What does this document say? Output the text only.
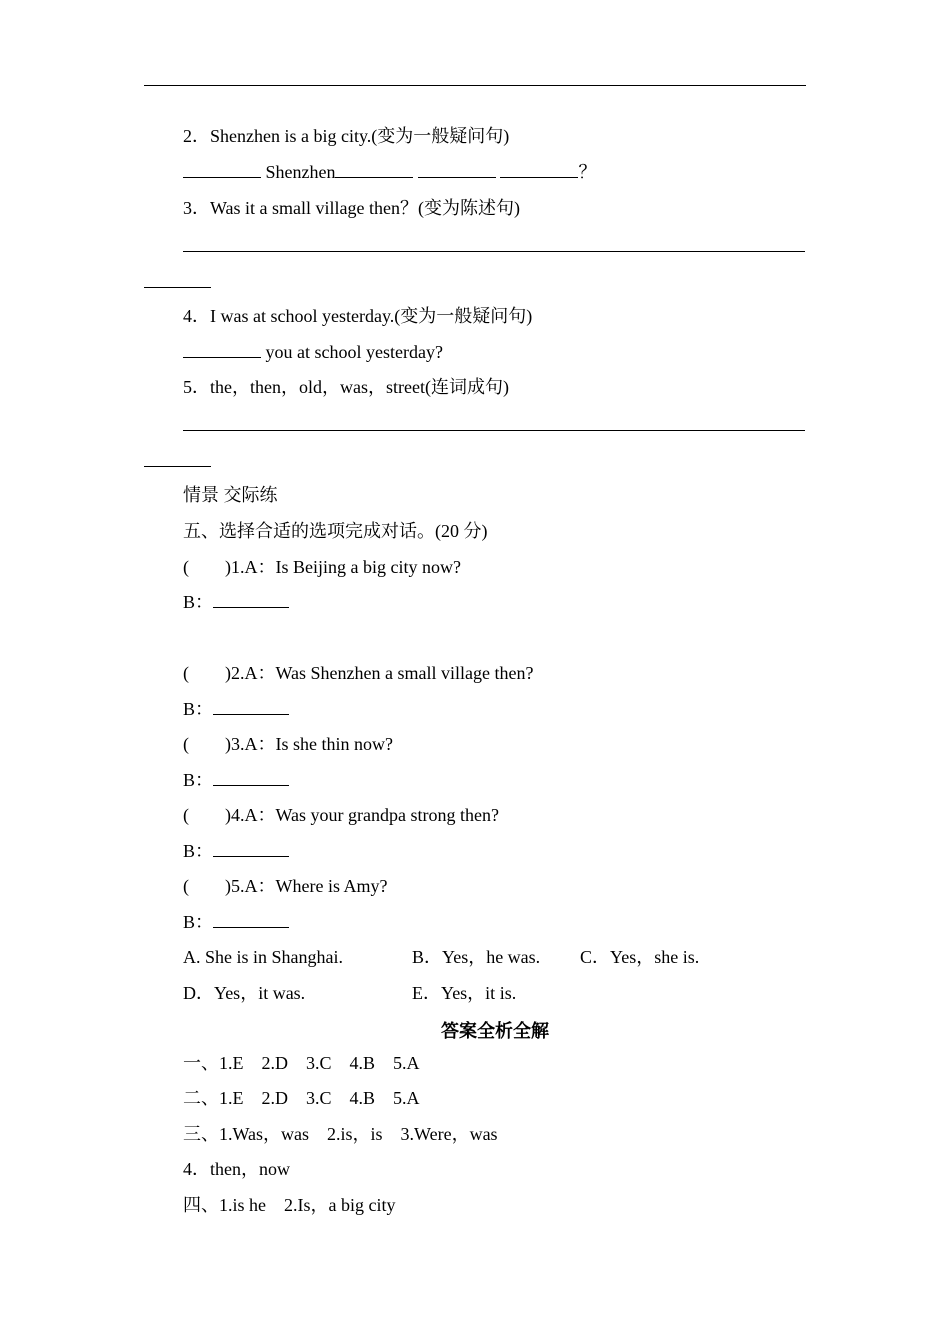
2．Shenzhen is a big city.(变为一般疑问句)
Shenzhen	？
3．Was it a small village then？(变为陈述句)
4．I was at school yesterday.(变为一般疑问句)
you at school yesterday?
5．the，then，old，was，street(连词成句)
情景 交际练
五、选择合适的选项完成对话。(20 分)
(　　)1.A：Is Beijing a big city now?
B：
(　　)2.A：Was Shenzhen a small village then?
B：
(　　)3.A：Is she thin now?
B：
(　　)4.A：Was your grandpa strong then?
B：
(　　)5.A：Where is Amy?
B：
A. She is in Shanghai.	B．Yes，he was. C．Yes，she is.
D．Yes，it was.	E．Yes，it is.
答案全析全解
一、1.E　2.D　3.C　4.B　5.A
二、1.E　2.D　3.C　4.B　5.A
三、1.Was，was　2.is，is　3.Were，was
4．then，now
四、1.is he　2.Is，a big city
